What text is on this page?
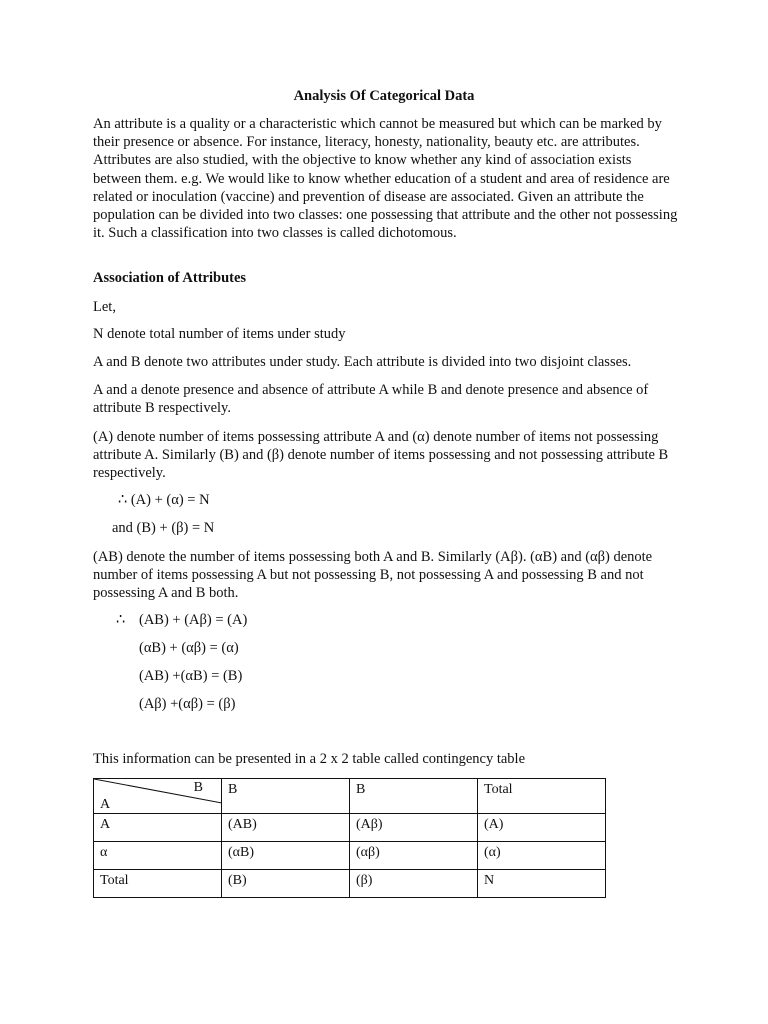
Analysis Of Categorical Data

An attribute is a quality or a characteristic which cannot be measured but which can be marked by their presence or absence. For instance, literacy, honesty, nationality, beauty etc. are attributes. Attributes are also studied, with the objective to know whether any kind of association exists between them. e.g. We would like to know whether education of a student and area of residence are related or inoculation (vaccine) and prevention of disease are associated. Given an attribute the population can be divided into two classes: one possessing that attribute and the other not possessing it. Such a classification into two classes is called dichotomous.

Association of Attributes
Let,
N denote total number of items under study
A and B denote two attributes under study. Each attribute is divided into two disjoint classes.

A and a denote presence and absence of attribute A while B and denote presence and absence of attribute B respectively.

(A) denote number of items possessing attribute A and (α) denote number of items not possessing attribute A. Similarly (B) and (β) denote number of items possessing and not possessing attribute B respectively.

∴ (A) + (α) = N
and (B) + (β) = N

(AB) denote the number of items possessing both A and B. Similarly (Aβ). (αB) and (αβ) denote number of items possessing A but not possessing B, not possessing A and possessing B and not possessing A and B both.

∴ (AB) + (Aβ) = (A)
(αB) + (αβ) = (α)
(AB) +(αB) = (B)
(Aβ) +(αβ) = (β)
This information can be presented in a 2 x 2 table called contingency table
B
A	B	B	Total
A	(AB)	(Aβ)	(A)
α	(αB)	(αβ)	(α)
Total	(B)	(β)	N
